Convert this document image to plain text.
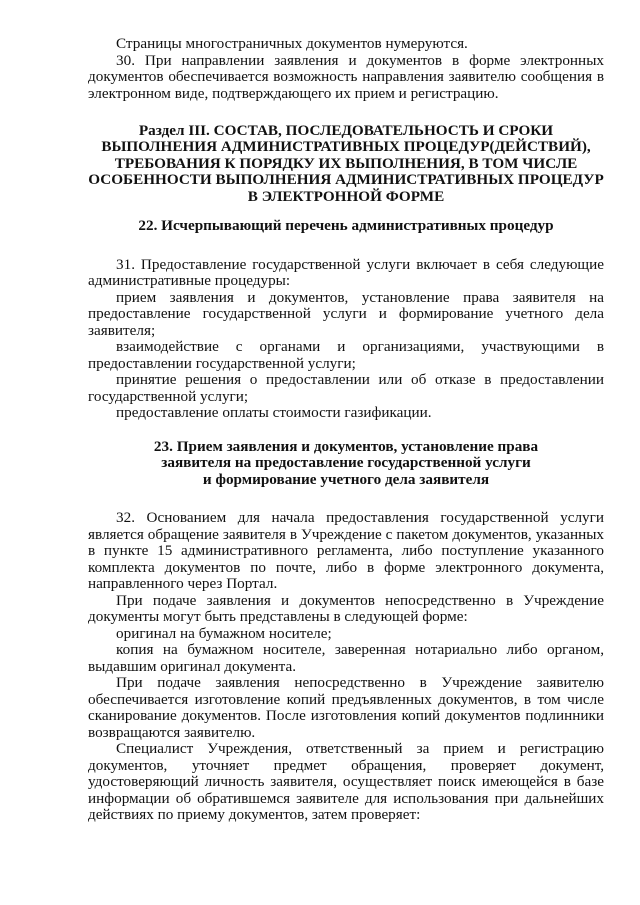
Страницы многостраничных документов нумеруются.

30. При направлении заявления и документов в форме электронных документов обеспечивается возможность направления заявителю сообщения в электронном виде, подтверждающего их прием и регистрацию.

Раздел III. СОСТАВ, ПОСЛЕДОВАТЕЛЬНОСТЬ И СРОКИ
ВЫПОЛНЕНИЯ АДМИНИСТРАТИВНЫХ ПРОЦЕДУР(ДЕЙСТВИЙ),
ТРЕБОВАНИЯ К ПОРЯДКУ ИХ ВЫПОЛНЕНИЯ, В ТОМ ЧИСЛЕ
ОСОБЕННОСТИ ВЫПОЛНЕНИЯ АДМИНИСТРАТИВНЫХ ПРОЦЕДУР
В ЭЛЕКТРОННОЙ ФОРМЕ
22. Исчерпывающий перечень административных процедур

31. Предоставление государственной услуги включает в себя следующие административные процедуры:

прием заявления и документов, установление права заявителя на предоставление государственной услуги и формирование учетного дела заявителя;

взаимодействие с органами и организациями, участвующими в предоставлении государственной услуги;

принятие решения о предоставлении или об отказе в предоставлении государственной услуги;

предоставление оплаты стоимости газификации.

23. Прием заявления и документов, установление права
заявителя на предоставление государственной услуги
и формирование учетного дела заявителя

32. Основанием для начала предоставления государственной услуги является обращение заявителя в Учреждение с пакетом документов, указанных в пункте 15 административного регламента, либо поступление указанного комплекта документов по почте, либо в форме электронного документа, направленного через Портал.

При подаче заявления и документов непосредственно в Учреждение документы могут быть представлены в следующей форме:

оригинал на бумажном носителе;

копия на бумажном носителе, заверенная нотариально либо органом, выдавшим оригинал документа.

При подаче заявления непосредственно в Учреждение заявителю обеспечивается изготовление копий предъявленных документов, в том числе сканирование документов. После изготовления копий документов подлинники возвращаются заявителю.

Специалист Учреждения, ответственный за прием и регистрацию документов, уточняет предмет обращения, проверяет документ, удостоверяющий личность заявителя, осуществляет поиск имеющейся в базе информации об обратившемся заявителе для использования при дальнейших действиях по приему документов, затем проверяет:
